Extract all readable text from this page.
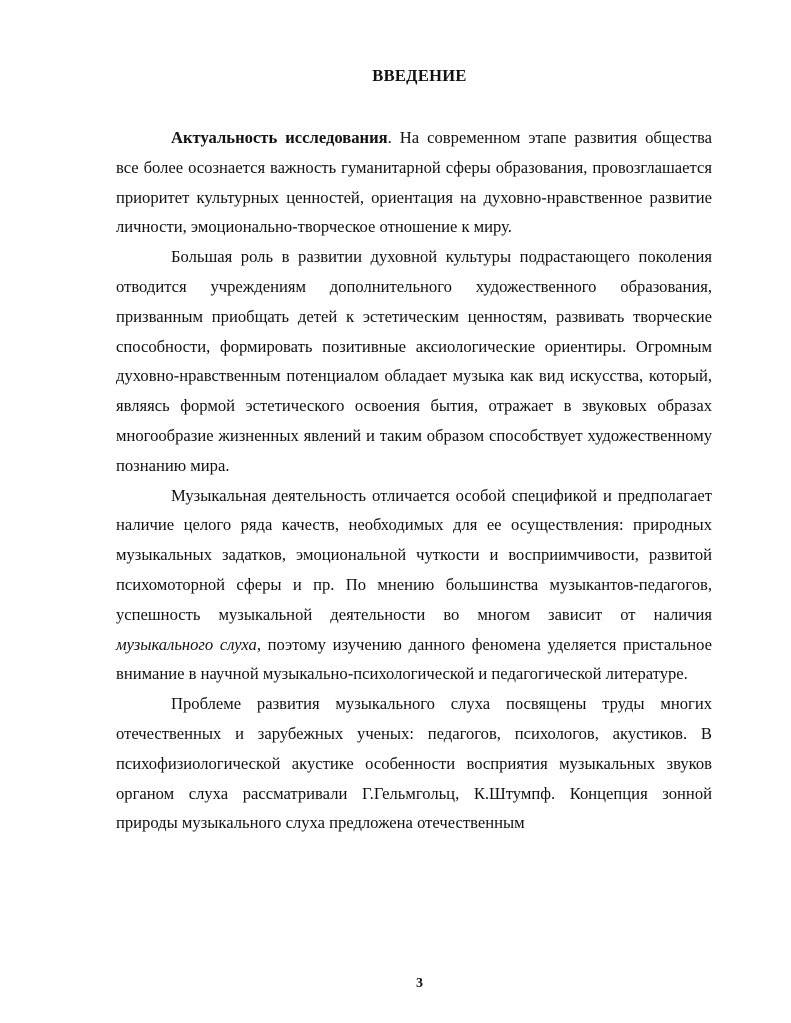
ВВЕДЕНИЕ

Актуальность исследования. На современном этапе развития общества все более осознается важность гуманитарной сферы образования, провозглашается приоритет культурных ценностей, ориентация на духовно-нравственное развитие личности, эмоционально-творческое отношение к миру.

Большая роль в развитии духовной культуры подрастающего поколения отводится учреждениям дополнительного художественного образования, призванным приобщать детей к эстетическим ценностям, развивать творческие способности, формировать позитивные аксиологические ориентиры. Огромным духовно-нравственным потенциалом обладает музыка как вид искусства, который, являясь формой эстетического освоения бытия, отражает в звуковых образах многообразие жизненных явлений и таким образом способствует художественному познанию мира.

Музыкальная деятельность отличается особой спецификой и предполагает наличие целого ряда качеств, необходимых для ее осуществления: природных музыкальных задатков, эмоциональной чуткости и восприимчивости, развитой психомоторной сферы и пр. По мнению большинства музыкантов-педагогов, успешность музыкальной деятельности во многом зависит от наличия музыкального слуха, поэтому изучению данного феномена уделяется пристальное внимание в научной музыкально-психологической и педагогической литературе.

Проблеме развития музыкального слуха посвящены труды многих отечественных и зарубежных ученых: педагогов, психологов, акустиков. В психофизиологической акустике особенности восприятия музыкальных звуков органом слуха рассматривали Г.Гельмгольц, К.Штумпф. Концепция зонной природы музыкального слуха предложена отечественным

3
